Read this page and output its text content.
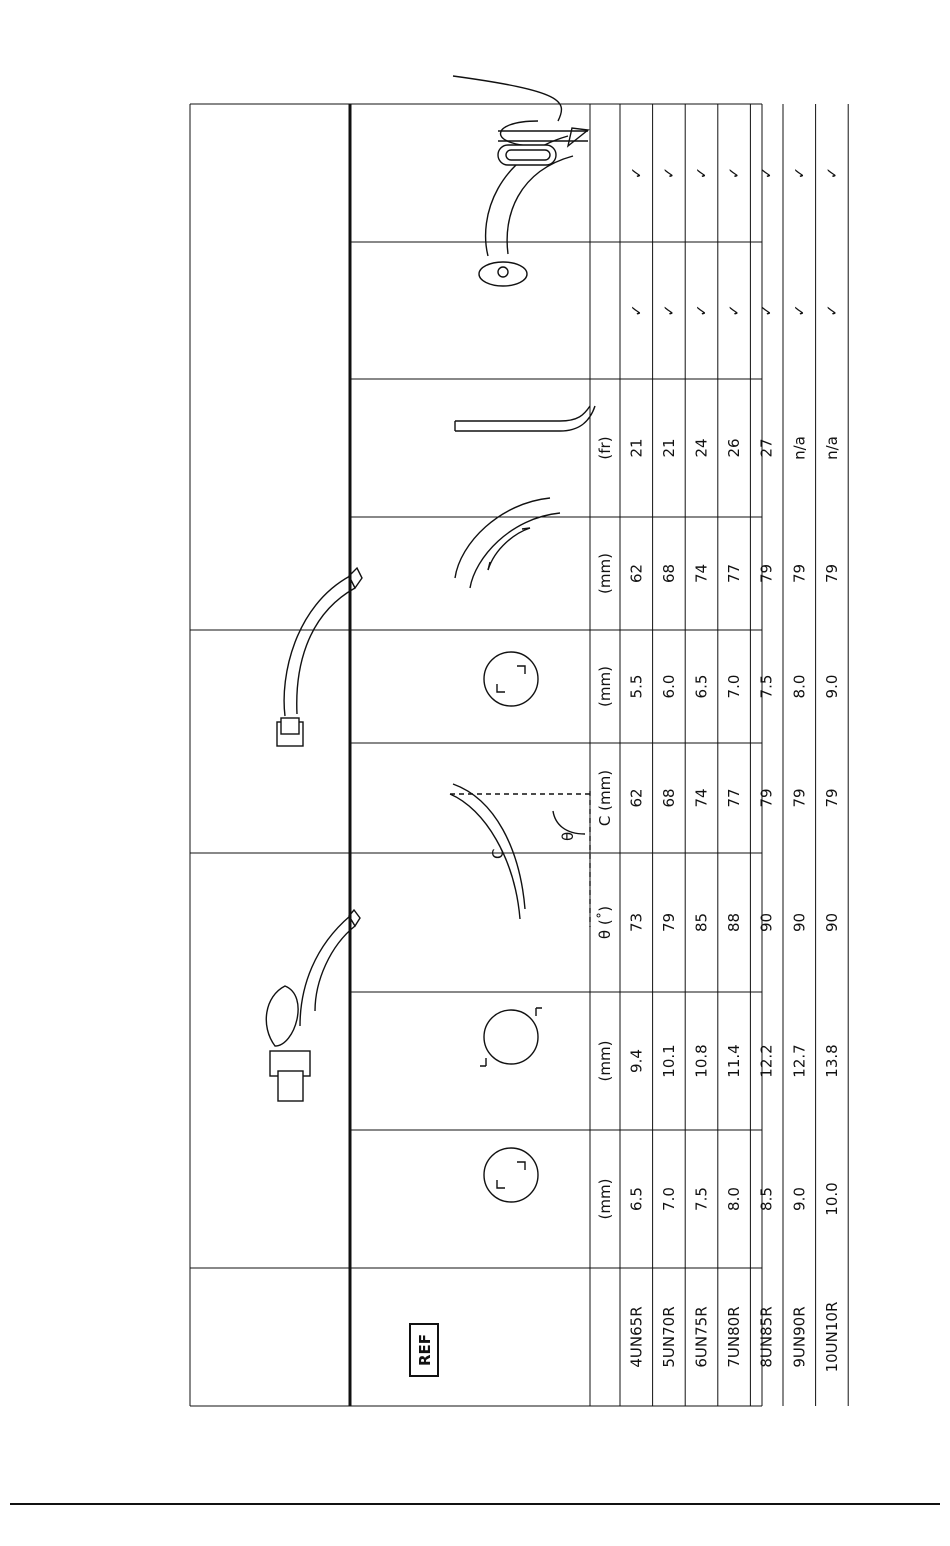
REF
θ
C
(mm)
(mm)
θ (˚)
C (mm)
(mm)
(mm)
(fr)
4UN65R
6.5
9.4
73
62
5.5
62
21
✓
✓
5UN70R
7.0
10.1
79
68
6.0
68
21
✓
✓
6UN75R
7.5
10.8
85
74
6.5
74
24
✓
✓
7UN80R
8.0
11.4
88
77
7.0
77
26
✓
✓
8UN85R
8.5
12.2
90
79
7.5
79
27
✓
✓
9UN90R
9.0
12.7
90
79
8.0
79
n/a
✓
✓
10UN10R
10.0
13.8
90
79
9.0
79
n/a
✓
✓
